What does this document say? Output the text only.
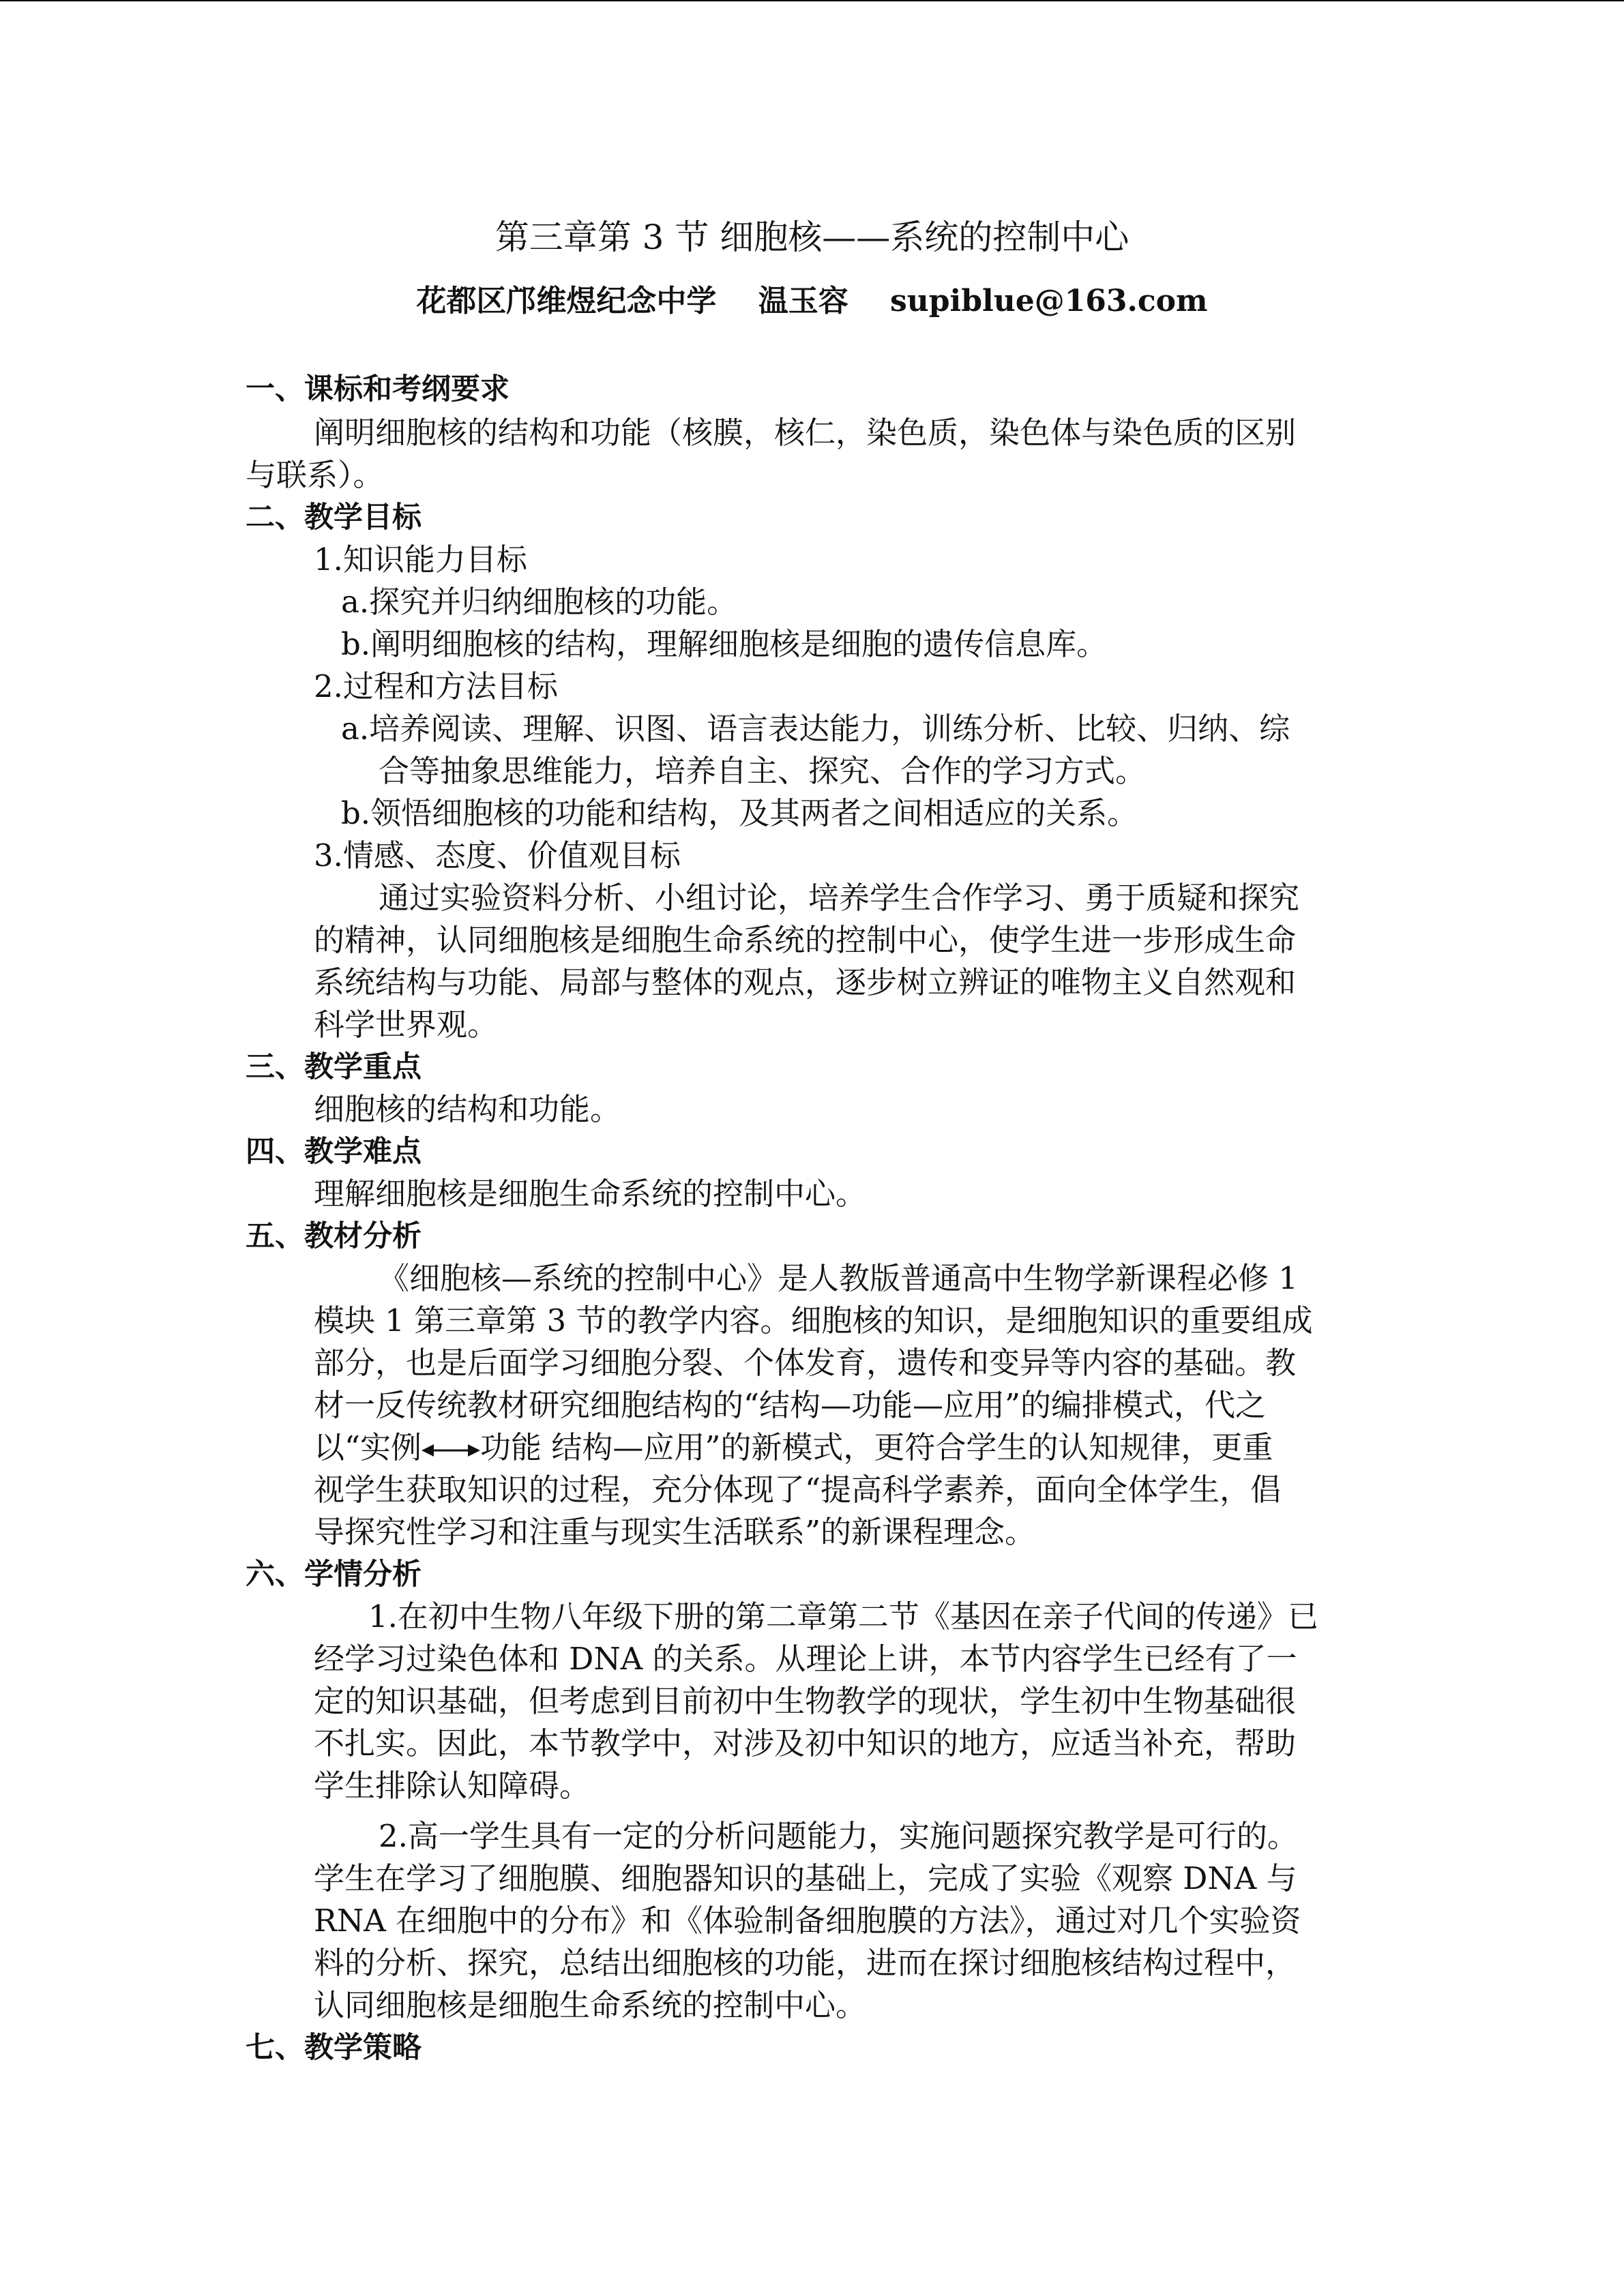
第三章第 3 节 细胞核——系统的控制中心
花都区邝维煜纪念中学    温玉容    supiblue@163.com
一、课标和考纲要求
阐明细胞核的结构和功能（核膜，核仁，染色质，染色体与染色质的区别
与联系）。
二、教学目标
1.知识能力目标
a.探究并归纳细胞核的功能。
b.阐明细胞核的结构，理解细胞核是细胞的遗传信息库。
2.过程和方法目标
a.培养阅读、理解、识图、语言表达能力，训练分析、比较、归纳、综
合等抽象思维能力，培养自主、探究、合作的学习方式。
b.领悟细胞核的功能和结构，及其两者之间相适应的关系。
3.情感、态度、价值观目标
通过实验资料分析、小组讨论，培养学生合作学习、勇于质疑和探究
的精神，认同细胞核是细胞生命系统的控制中心，使学生进一步形成生命
系统结构与功能、局部与整体的观点，逐步树立辨证的唯物主义自然观和
科学世界观。
三、教学重点
细胞核的结构和功能。
四、教学难点
理解细胞核是细胞生命系统的控制中心。
五、教材分析
《细胞核—系统的控制中心》是人教版普通高中生物学新课程必修 1
模块 1 第三章第 3 节的教学内容。细胞核的知识，是细胞知识的重要组成
部分，也是后面学习细胞分裂、个体发育，遗传和变异等内容的基础。教
材一反传统教材研究细胞结构的“结构—功能—应用”的编排模式，代之
以“实例 功能 结构—应用”的新模式，更符合学生的认知规律，更重
视学生获取知识的过程，充分体现了“提高科学素养，面向全体学生，倡
导探究性学习和注重与现实生活联系”的新课程理念。
六、学情分析
1.在初中生物八年级下册的第二章第二节《基因在亲子代间的传递》已
经学习过染色体和 DNA 的关系。从理论上讲，本节内容学生已经有了一
定的知识基础，但考虑到目前初中生物教学的现状，学生初中生物基础很
不扎实。因此，本节教学中，对涉及初中知识的地方，应适当补充，帮助
学生排除认知障碍。
2.高一学生具有一定的分析问题能力，实施问题探究教学是可行的。
学生在学习了细胞膜、细胞器知识的基础上，完成了实验《观察 DNA 与
RNA 在细胞中的分布》和《体验制备细胞膜的方法》，通过对几个实验资
料的分析、探究，总结出细胞核的功能，进而在探讨细胞核结构过程中，
认同细胞核是细胞生命系统的控制中心。
七、教学策略
